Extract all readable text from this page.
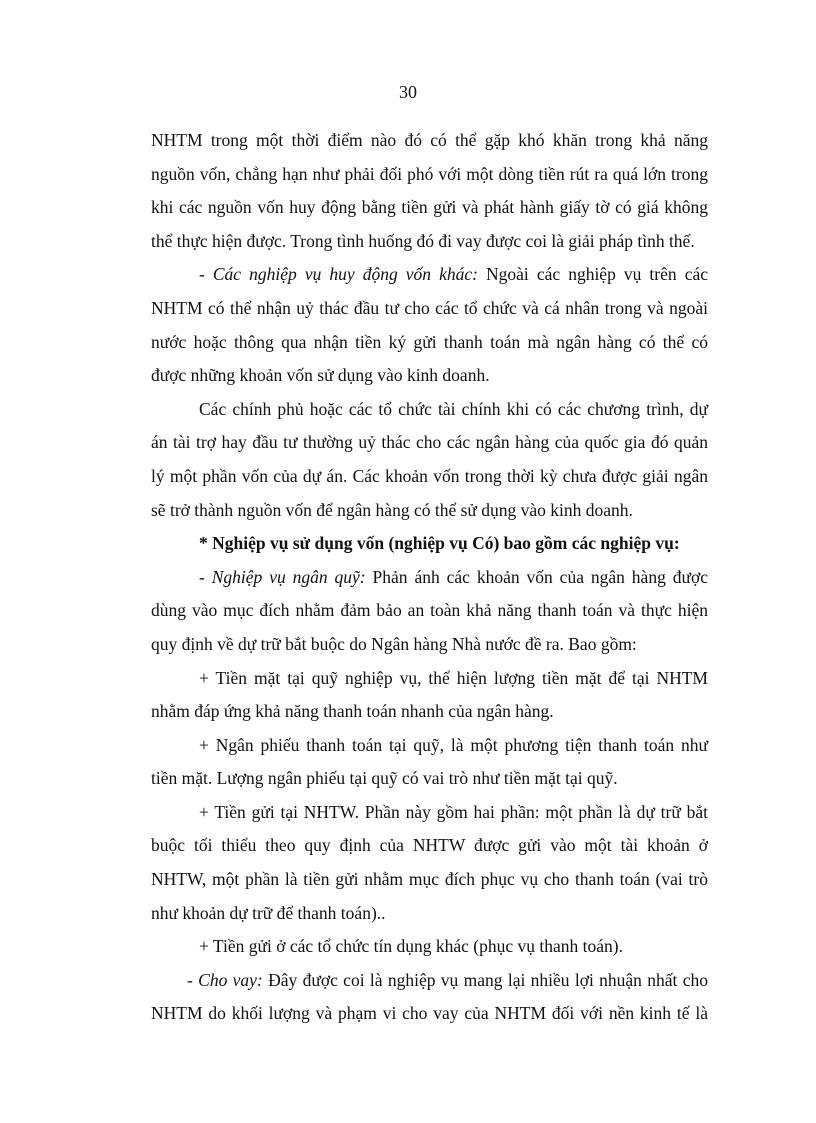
30
NHTM trong một thời điểm nào đó có thể gặp khó khăn trong khả năng
nguồn vốn, chẳng hạn như phải đối phó với một dòng tiền rút ra quá lớn trong
khi các nguồn vốn huy động bằng tiền gửi và phát hành giấy tờ có giá không
thể thực hiện được. Trong tình huống đó đi vay được coi là giải pháp tình thế.
- Các nghiệp vụ huy động vốn khác: Ngoài các nghiệp vụ trên các
NHTM có thể nhận uỷ thác đầu tư cho các tổ chức và cá nhân trong và ngoài
nước hoặc thông qua nhận tiền ký gửi thanh toán mà ngân hàng có thể có
được những khoản vốn sử dụng vào kinh doanh.
Các chính phủ hoặc các tổ chức tài chính khi có các chương trình, dự
án tài trợ hay đầu tư thường uỷ thác cho các ngân hàng của quốc gia đó quản
lý một phần vốn của dự án. Các khoản vốn trong thời kỳ chưa được giải ngân
sẽ trở thành nguồn vốn để ngân hàng có thể sử dụng vào kinh doanh.
* Nghiệp vụ sử dụng vốn (nghiệp vụ Có) bao gồm các nghiệp vụ:
- Nghiệp vụ ngân quỹ: Phản ánh các khoản vốn của ngân hàng được
dùng vào mục đích nhằm đảm bảo an toàn khả năng thanh toán và thực hiện
quy định về dự trữ bắt buộc do Ngân hàng Nhà nước đề ra. Bao gồm:
+ Tiền mặt tại quỹ nghiệp vụ, thể hiện lượng tiền mặt để tại NHTM
nhằm đáp ứng khả năng thanh toán nhanh của ngân hàng.
+ Ngân phiếu thanh toán tại quỹ, là một phương tiện thanh toán như
tiền mặt. Lượng ngân phiếu tại quỹ có vai trò như tiền mặt tại quỹ.
+ Tiền gửi tại NHTW. Phần này gồm hai phần: một phần là dự trữ bắt
buộc tối thiểu theo quy định của NHTW được gửi vào một tài khoản ở
NHTW, một phần là tiền gửi nhằm mục đích phục vụ cho thanh toán (vai trò
như khoản dự trữ để thanh toán)..
+ Tiền gửi ở các tổ chức tín dụng khác (phục vụ thanh toán).
- Cho vay: Đây được coi là nghiệp vụ mang lại nhiều lợi nhuận nhất cho
NHTM do khối lượng và phạm vi cho vay của NHTM đối với nền kinh tế là
